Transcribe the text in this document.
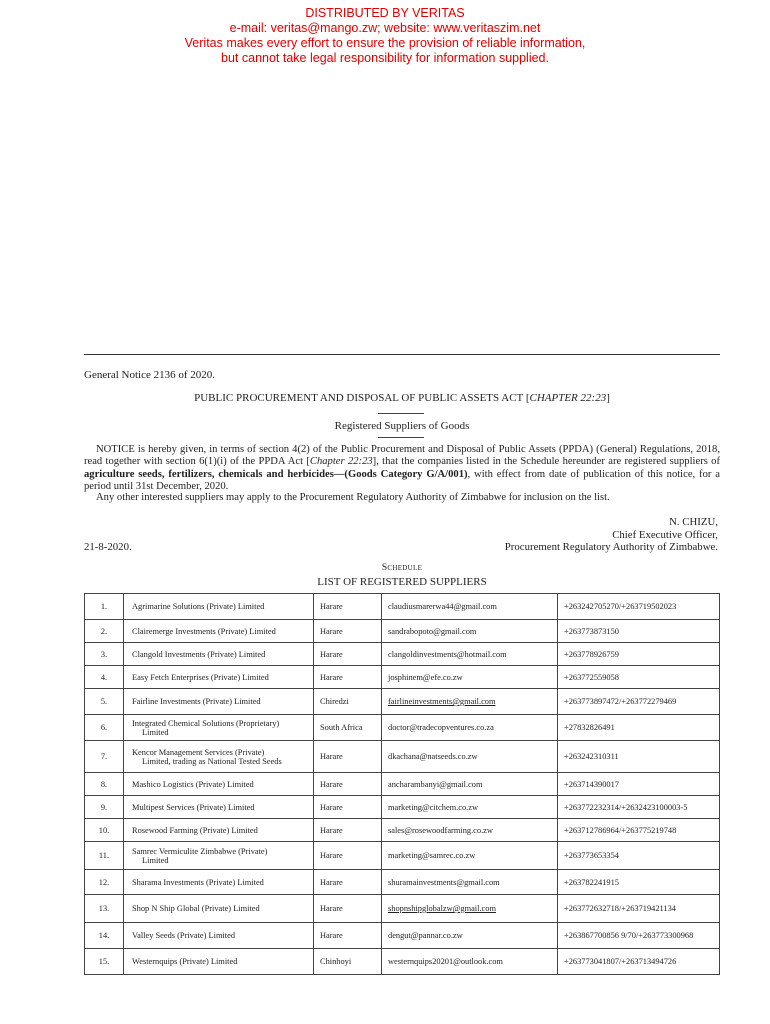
DISTRIBUTED BY VERITAS
e-mail: veritas@mango.zw; website: www.veritaszim.net
Veritas makes every effort to ensure the provision of reliable information,
but cannot take legal responsibility for information supplied.
General Notice 2136 of 2020.
PUBLIC PROCUREMENT AND DISPOSAL OF PUBLIC ASSETS ACT [CHAPTER 22:23]
Registered Suppliers of Goods
NOTICE is hereby given, in terms of section 4(2) of the Public Procurement and Disposal of Public Assets (PPDA) (General) Regulations, 2018, read together with section 6(1)(i) of the PPDA Act [Chapter 22:23], that the companies listed in the Schedule hereunder are registered suppliers of agriculture seeds, fertilizers, chemicals and herbicides—(Goods Category G/A/001), with effect from date of publication of this notice, for a period until 31st December, 2020.
Any other interested suppliers may apply to the Procurement Regulatory Authority of Zimbabwe for inclusion on the list.
N. CHIZU,
Chief Executive Officer,
Procurement Regulatory Authority of Zimbabwe.
21-8-2020.
Schedule
LIST OF REGISTERED SUPPLIERS
1.	Agrimarine Solutions (Private) Limited	Harare	claudiusmarerwa44@gmail.com	+263242705270/+263719502023
2.	Clairemerge Investments (Private) Limited	Harare	sandrabopoto@gmail.com	+263773873150
3.	Clangold Investments (Private) Limited	Harare	clangoldinvestments@hotmail.com	+263778926759
4.	Easy Fetch Enterprises (Private) Limited	Harare	josphinem@efe.co.zw	+263772559058
5.	Fairline Investments (Private) Limited	Chiredzi	fairlineinvestments@gmail.com	+263773897472/+263772279469
6.	Integrated Chemical Solutions (Proprietary)
Limited	South Africa	doctor@tradecopventures.co.za	+27832826491
7.	Kencor Management Services (Private)
Limited, trading as National Tested Seeds	Harare	dkachana@natseeds.co.zw	+263242310311
8.	Mashico Logistics (Private) Limited	Harare	ancharambanyi@gmail.com	+263714390017
9.	Multipest Services (Private) Limited	Harare	marketing@citchem.co.zw	+263772232314/+2632423100003-5
10.	Rosewood Farming (Private) Limited	Harare	sales@rosewoodfarming.co.zw	+263712786964/+263775219748
11.	Samrec Vermiculite Zimbabwe (Private)
Limited	Harare	marketing@samrec.co.zw	+263773653354
12.	Sharama Investments (Private) Limited	Harare	shuramainvestments@gmail.com	+263782241915
13.	Shop N Ship Global (Private) Limited	Harare	shopnshipglobalzw@gmail.com	+263772632718/+263719421134
14.	Valley Seeds (Private) Limited	Harare	dengut@pannar.co.zw	+263867700856 9/70/+263773300968
15.	Westernquips (Private) Limited	Chinhoyi	westernquips20201@outlook.com	+263773041807/+263713494726
